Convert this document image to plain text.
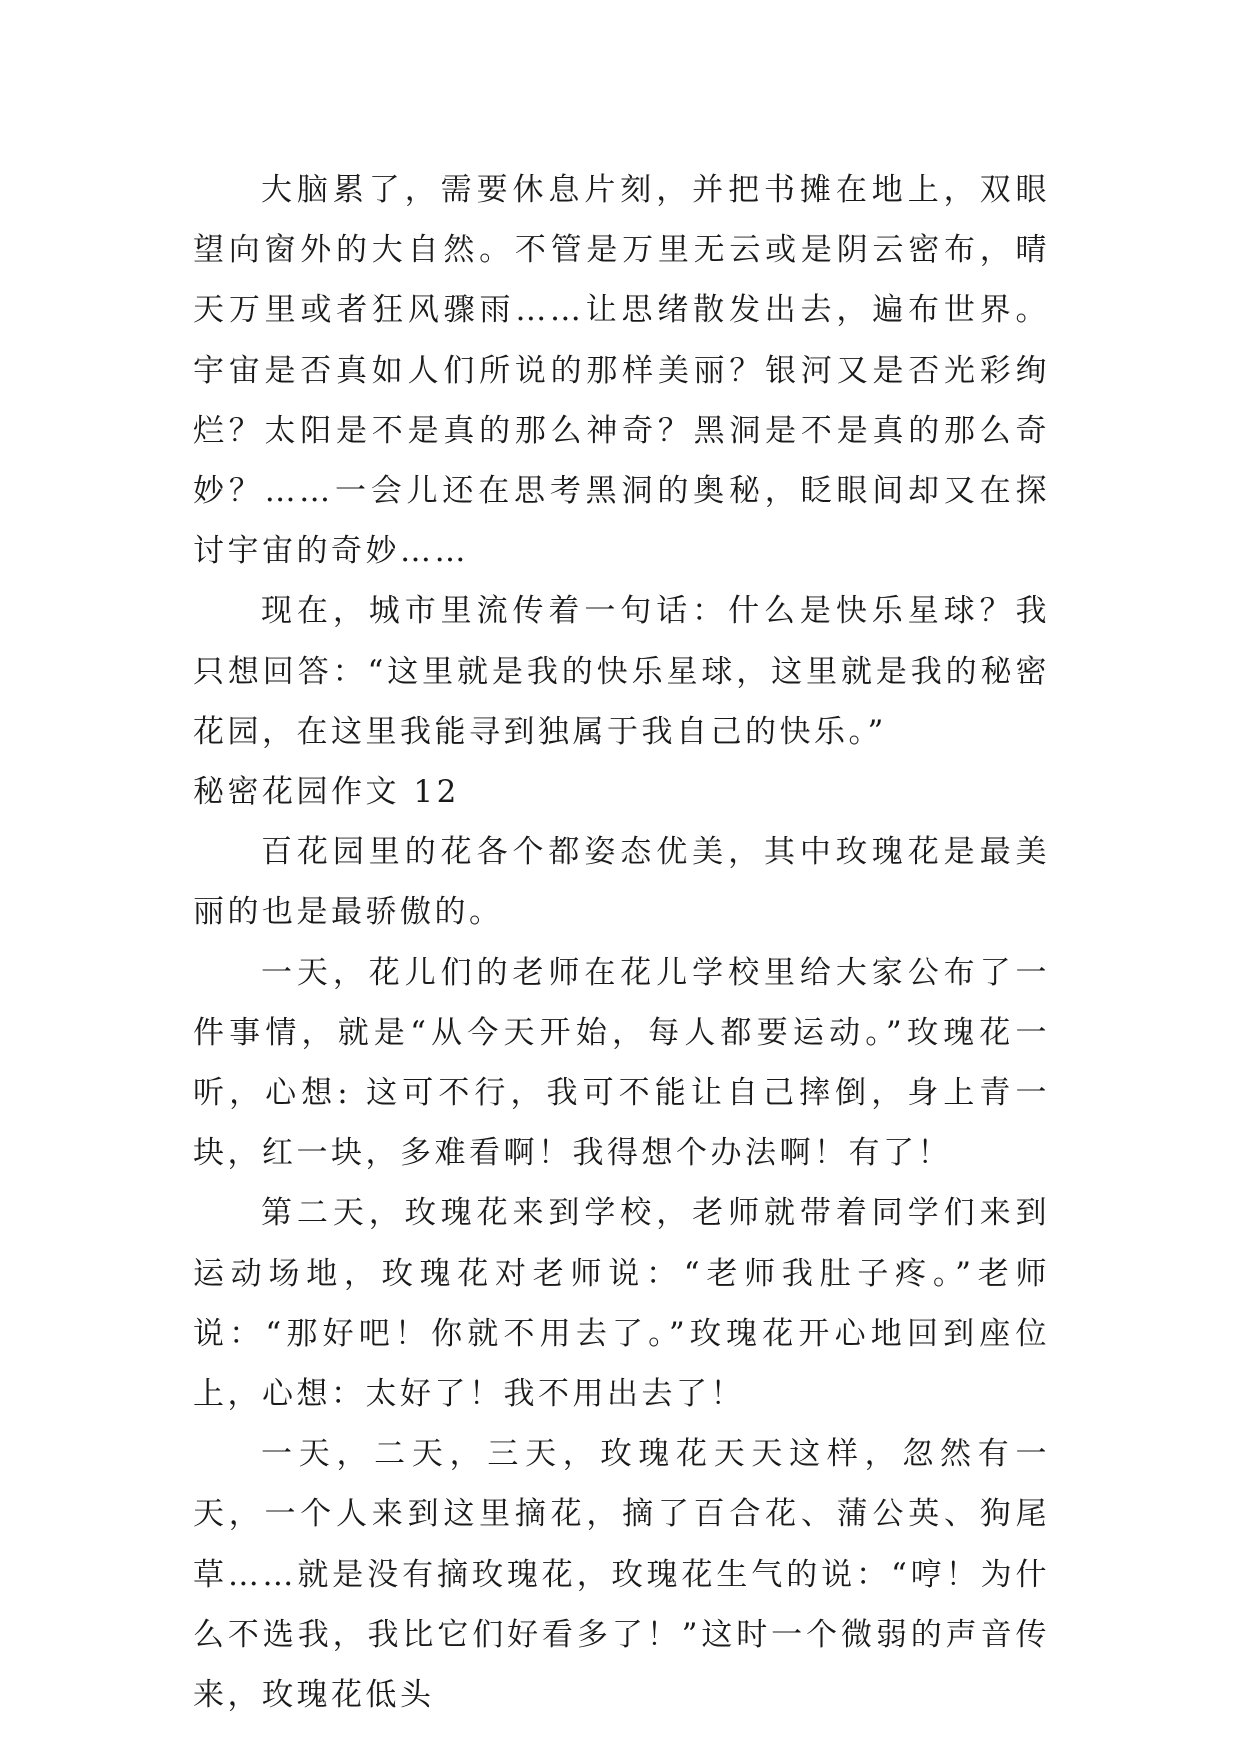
大脑累了，需要休息片刻，并把书摊在地上，双眼望向窗外的大自然。不管是万里无云或是阴云密布，晴天万里或者狂风骤雨……让思绪散发出去，遍布世界。宇宙是否真如人们所说的那样美丽？银河又是否光彩绚烂？太阳是不是真的那么神奇？黑洞是不是真的那么奇妙？……一会儿还在思考黑洞的奥秘，眨眼间却又在探讨宇宙的奇妙……

现在，城市里流传着一句话：什么是快乐星球？我只想回答：“这里就是我的快乐星球，这里就是我的秘密花园，在这里我能寻到独属于我自己的快乐。”

秘密花园作文 12

百花园里的花各个都姿态优美，其中玫瑰花是最美丽的也是最骄傲的。

一天，花儿们的老师在花儿学校里给大家公布了一件事情，就是“从今天开始，每人都要运动。”玫瑰花一听，心想: 这可不行，我可不能让自己摔倒，身上青一块，红一块，多难看啊！我得想个办法啊！有了！

第二天，玫瑰花来到学校，老师就带着同学们来到运动场地，玫瑰花对老师说：“老师我肚子疼。”老师说：“那好吧！你就不用去了。”玫瑰花开心地回到座位上，心想：太好了！我不用出去了！

一天，二天，三天，玫瑰花天天这样，忽然有一天，一个人来到这里摘花，摘了百合花、蒲公英、狗尾草……就是没有摘玫瑰花，玫瑰花生气的说：“哼！为什么不选我，我比它们好看多了！”这时一个微弱的声音传来，玫瑰花低头
